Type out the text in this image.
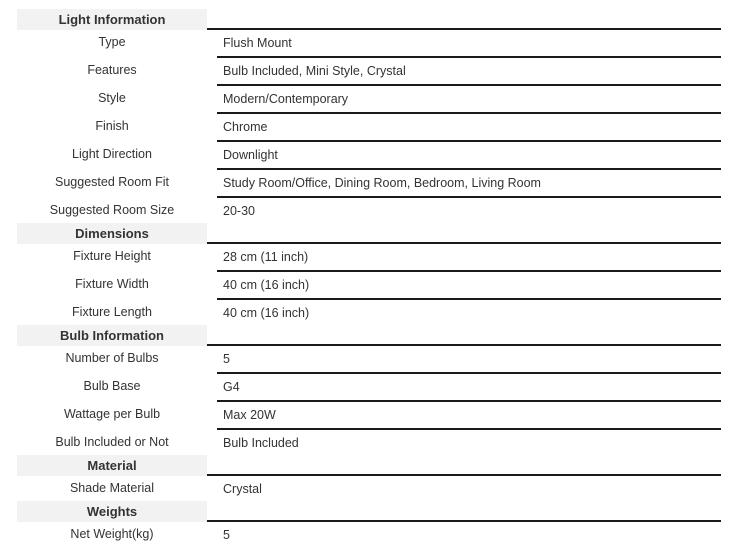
Light Information
Type	Flush Mount
Features	Bulb Included, Mini Style, Crystal
Style	Modern/Contemporary
Finish	Chrome
Light Direction	Downlight
Suggested Room Fit	Study Room/Office, Dining Room, Bedroom, Living Room
Suggested Room Size	20-30
Dimensions
Fixture Height	28 cm (11 inch)
Fixture Width	40 cm (16 inch)
Fixture Length	40 cm (16 inch)
Bulb Information
Number of Bulbs	5
Bulb Base	G4
Wattage per Bulb	Max 20W
Bulb Included or Not	Bulb Included
Material
Shade Material	Crystal
Weights
Net Weight(kg)	5
